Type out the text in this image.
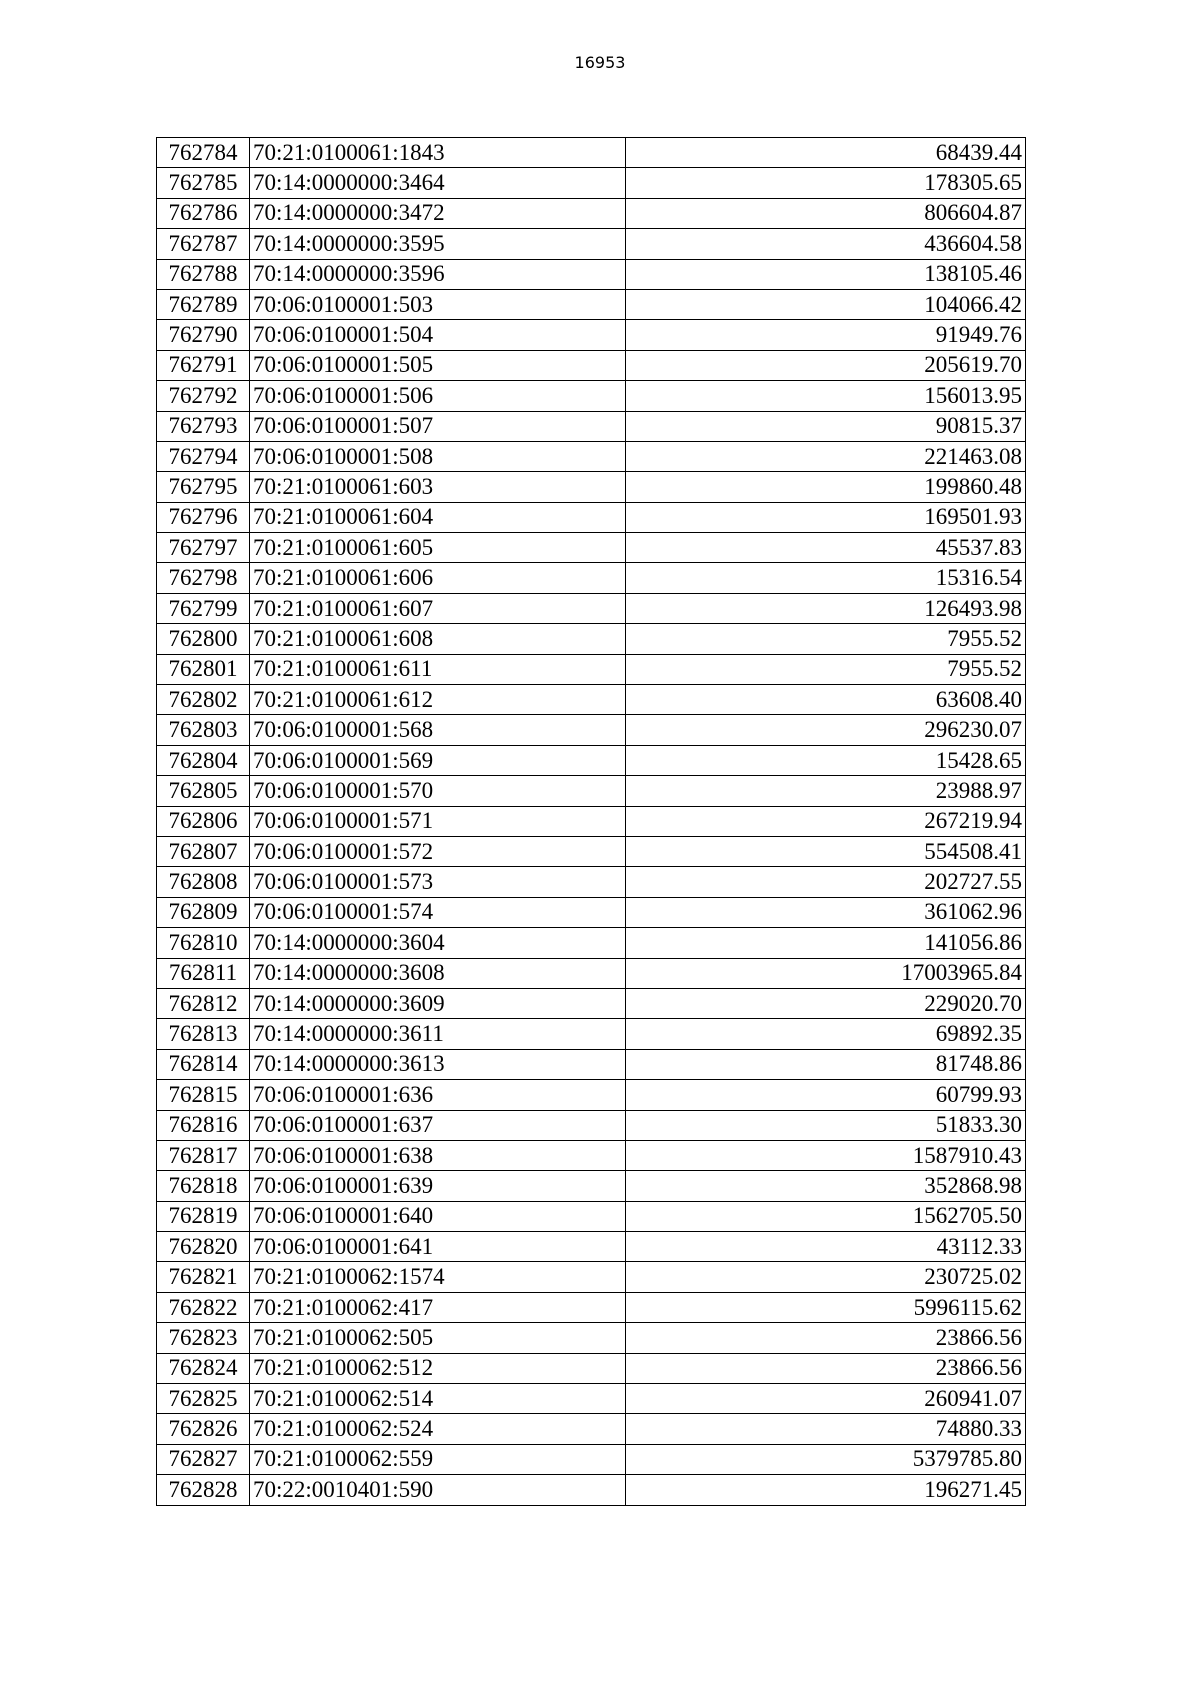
16953
762784	70:21:0100061:1843	68439.44
762785	70:14:0000000:3464	178305.65
762786	70:14:0000000:3472	806604.87
762787	70:14:0000000:3595	436604.58
762788	70:14:0000000:3596	138105.46
762789	70:06:0100001:503	104066.42
762790	70:06:0100001:504	91949.76
762791	70:06:0100001:505	205619.70
762792	70:06:0100001:506	156013.95
762793	70:06:0100001:507	90815.37
762794	70:06:0100001:508	221463.08
762795	70:21:0100061:603	199860.48
762796	70:21:0100061:604	169501.93
762797	70:21:0100061:605	45537.83
762798	70:21:0100061:606	15316.54
762799	70:21:0100061:607	126493.98
762800	70:21:0100061:608	7955.52
762801	70:21:0100061:611	7955.52
762802	70:21:0100061:612	63608.40
762803	70:06:0100001:568	296230.07
762804	70:06:0100001:569	15428.65
762805	70:06:0100001:570	23988.97
762806	70:06:0100001:571	267219.94
762807	70:06:0100001:572	554508.41
762808	70:06:0100001:573	202727.55
762809	70:06:0100001:574	361062.96
762810	70:14:0000000:3604	141056.86
762811	70:14:0000000:3608	17003965.84
762812	70:14:0000000:3609	229020.70
762813	70:14:0000000:3611	69892.35
762814	70:14:0000000:3613	81748.86
762815	70:06:0100001:636	60799.93
762816	70:06:0100001:637	51833.30
762817	70:06:0100001:638	1587910.43
762818	70:06:0100001:639	352868.98
762819	70:06:0100001:640	1562705.50
762820	70:06:0100001:641	43112.33
762821	70:21:0100062:1574	230725.02
762822	70:21:0100062:417	5996115.62
762823	70:21:0100062:505	23866.56
762824	70:21:0100062:512	23866.56
762825	70:21:0100062:514	260941.07
762826	70:21:0100062:524	74880.33
762827	70:21:0100062:559	5379785.80
762828	70:22:0010401:590	196271.45
